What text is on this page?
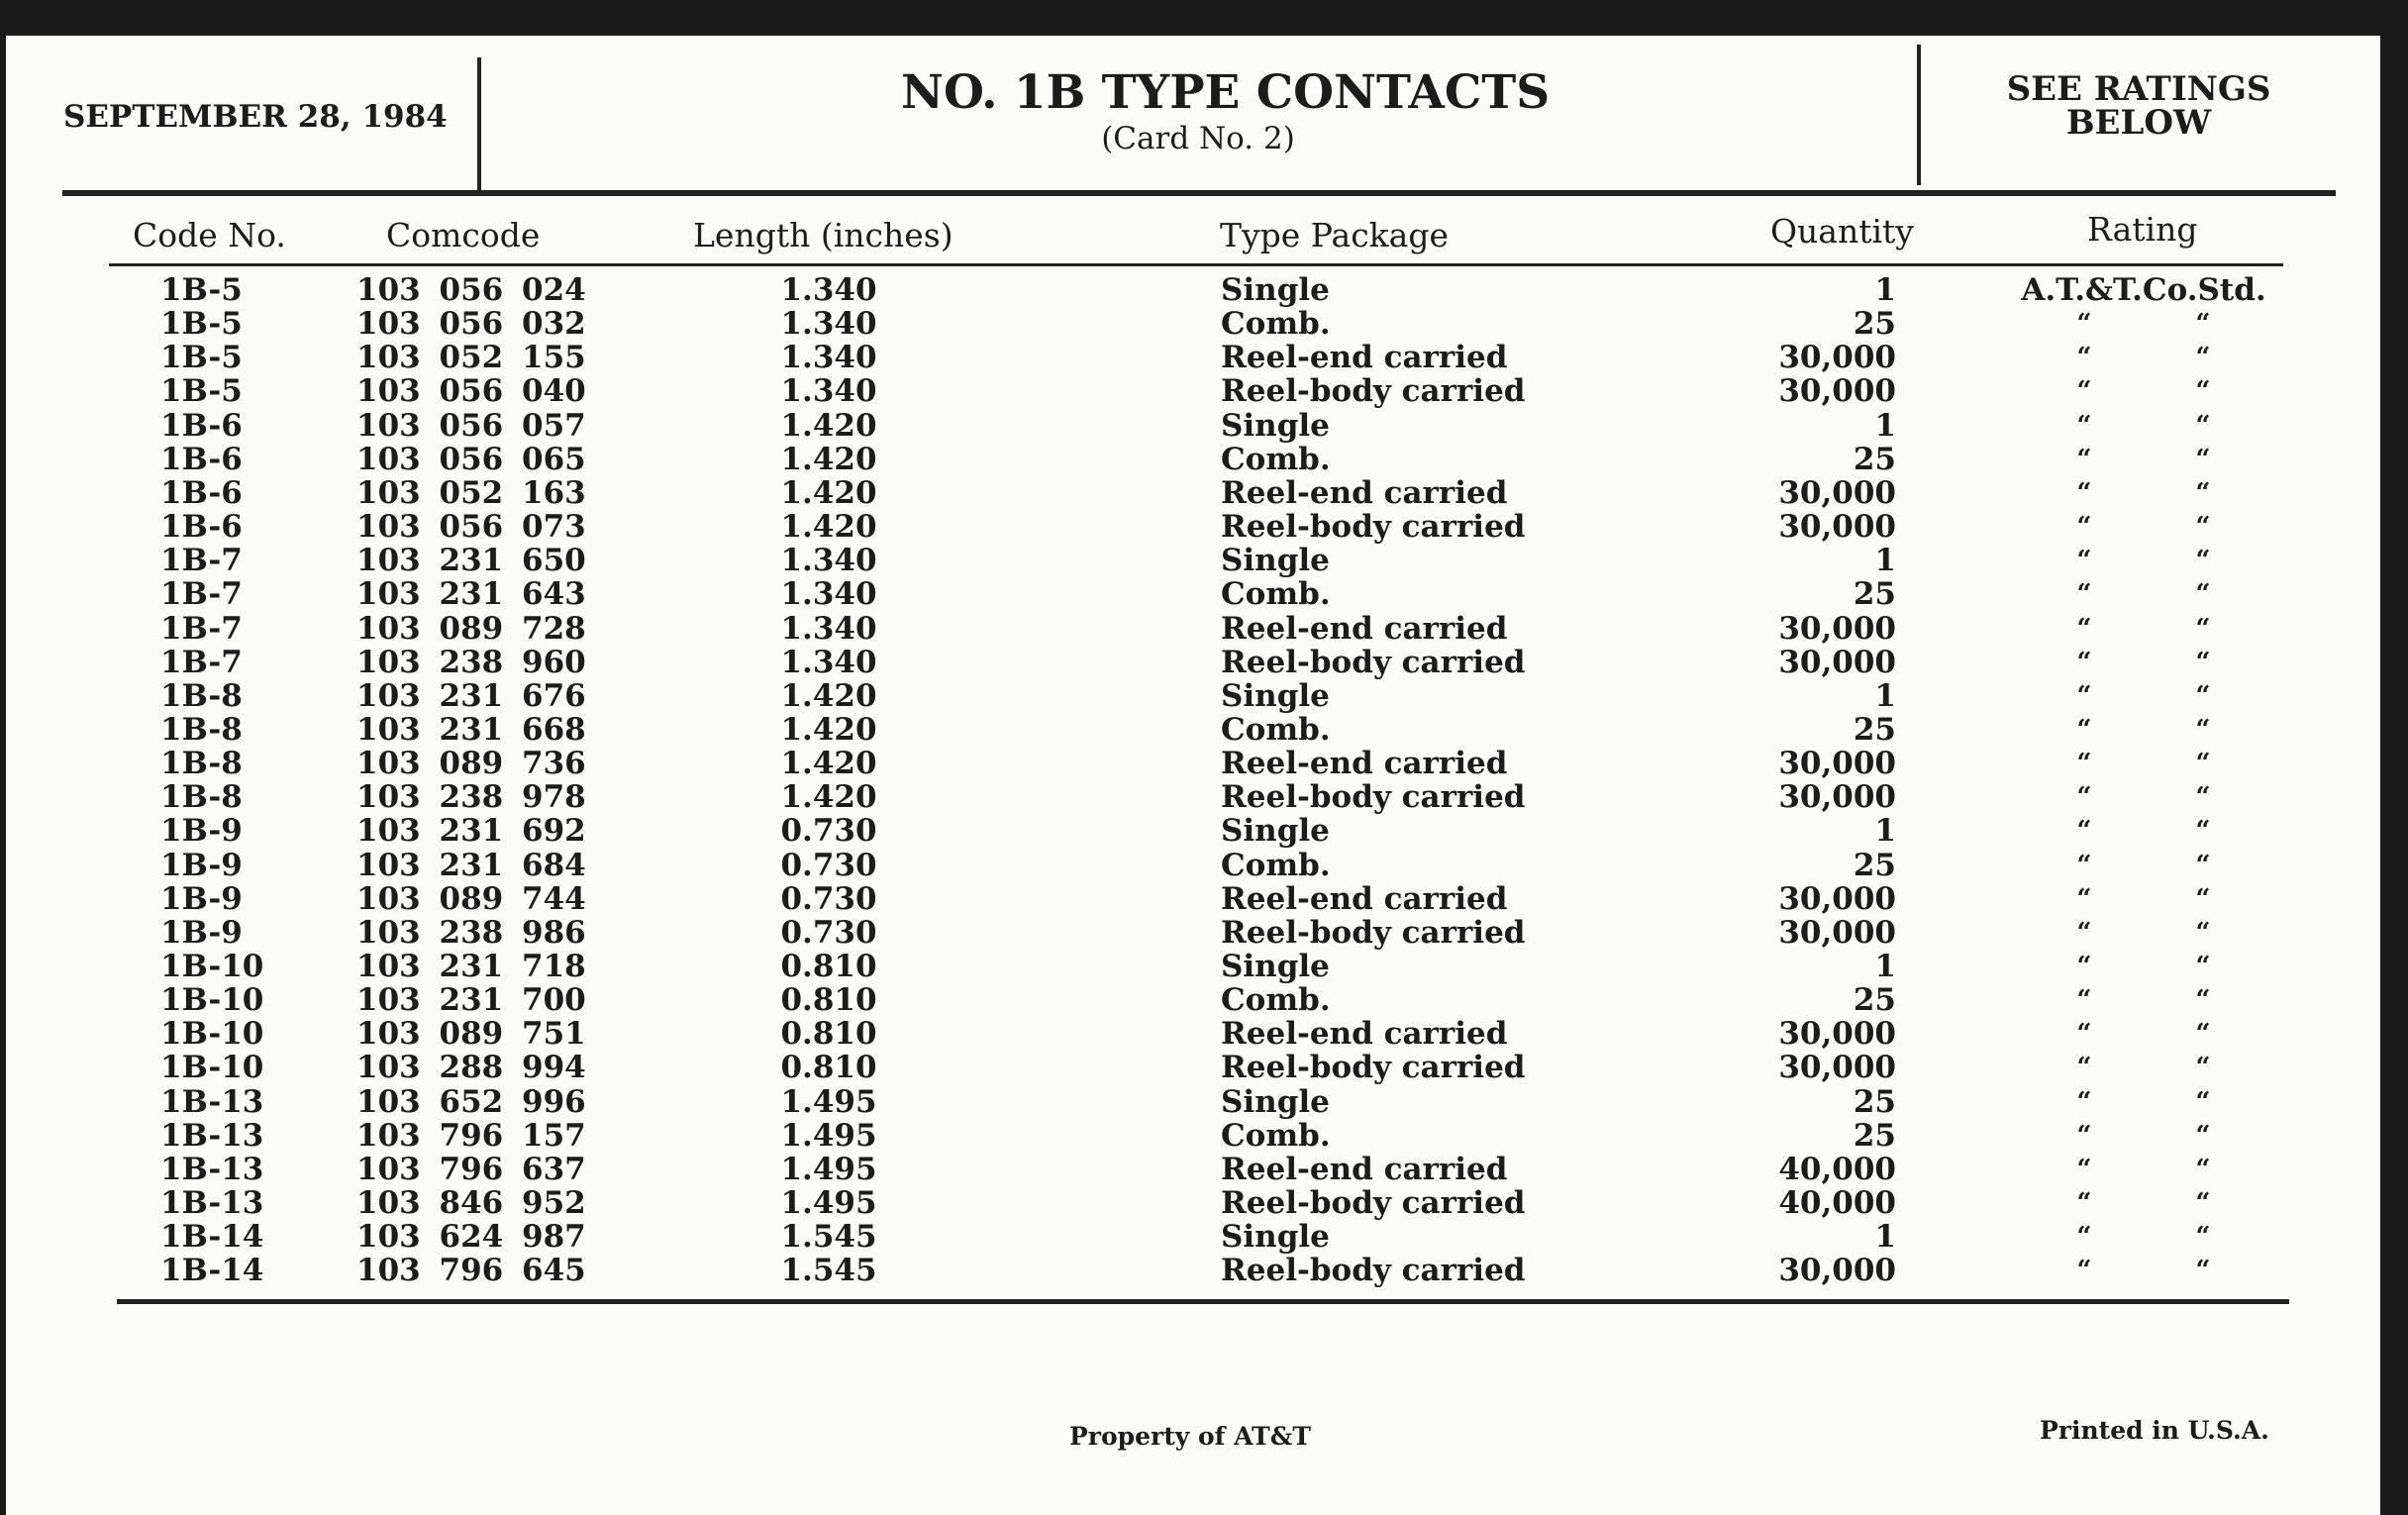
SEPTEMBER 28, 1984	NO. 1B TYPE CONTACTS
(Card No. 2)
SEE RATINGS
BELOW
Code No.	Comcode	Length (inches)	Type Package	Quantity	Rating
1B-5	103 056 024	1.340	Single	1	A.T.&T.Co.Std.
1B-5	103 056 032	1.340	Comb.	25	“ “
1B-5	103 052 155	1.340	Reel-end carried	30,000	“ “
1B-5	103 056 040	1.340	Reel-body carried	30,000	“ “
1B-6	103 056 057	1.420	Single	1	“ “
1B-6	103 056 065	1.420	Comb.	25	“ “
1B-6	103 052 163	1.420	Reel-end carried	30,000	“ “
1B-6	103 056 073	1.420	Reel-body carried	30,000	“ “
1B-7	103 231 650	1.340	Single	1	“ “
1B-7	103 231 643	1.340	Comb.	25	“ “
1B-7	103 089 728	1.340	Reel-end carried	30,000	“ “
1B-7	103 238 960	1.340	Reel-body carried	30,000	“ “
1B-8	103 231 676	1.420	Single	1	“ “
1B-8	103 231 668	1.420	Comb.	25	“ “
1B-8	103 089 736	1.420	Reel-end carried	30,000	“ “
1B-8	103 238 978	1.420	Reel-body carried	30,000	“ “
1B-9	103 231 692	0.730	Single	1	“ “
1B-9	103 231 684	0.730	Comb.	25	“ “
1B-9	103 089 744	0.730	Reel-end carried	30,000	“ “
1B-9	103 238 986	0.730	Reel-body carried	30,000	“ “
1B-10	103 231 718	0.810	Single	1	“ “
1B-10	103 231 700	0.810	Comb.	25	“ “
1B-10	103 089 751	0.810	Reel-end carried	30,000	“ “
1B-10	103 288 994	0.810	Reel-body carried	30,000	“ “
1B-13	103 652 996	1.495	Single	25	“ “
1B-13	103 796 157	1.495	Comb.	25	“ “
1B-13	103 796 637	1.495	Reel-end carried	40,000	“ “
1B-13	103 846 952	1.495	Reel-body carried	40,000	“ “
1B-14	103 624 987	1.545	Single	1	“ “
1B-14	103 796 645	1.545	Reel-body carried	30,000	“ “
Property of AT&T	Printed in U.S.A.
